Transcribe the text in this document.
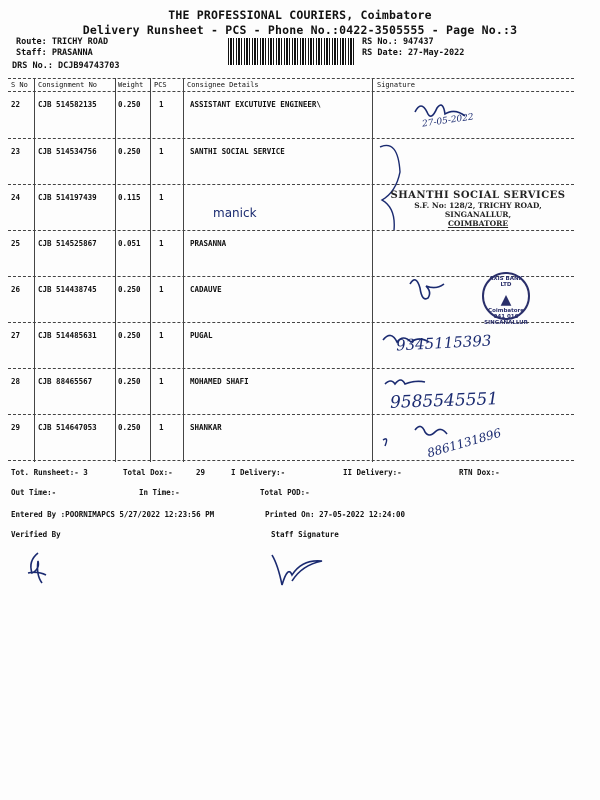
THE PROFESSIONAL COURIERS, Coimbatore
Delivery Runsheet - PCS - Phone No.:0422-3505555 - Page No.:3
Route: TRICHY ROAD
Staff: PRASANNA
DRS No.: DCJB94743703
RS No.: 947437
RS Date: 27-May-2022
S No Consignment No	Weight PCS	Consignee Details	Signature
22 CJB 514582135	0.250 1	ASSISTANT EXCUTUIVE ENGINEER\
23 CJB 514534756	0.250 1	SANTHI SOCIAL SERVICE
24 CJB 514197439	0.115 1
25 CJB 514525867	0.051 1	PRASANNA
26 CJB 514438745	0.250 1	CADAUVE
27 CJB 514485631	0.250 1	PUGAL
28 CJB 88465567	0.250 1	MOHAMED SHAFI
29 CJB 514647053	0.250 1	SHANKAR
27-05-2022
manick
9345115393
9585545551
8861131896
SHANTHI SOCIAL SERVICES
S.F. No: 128/2, TRICHY ROAD,
SINGANALLUR,
COIMBATORE
AXIS BANK LTD
▲
Coimbatore 041 016
SINGANALLUR
Tot. Runsheet:- 3	Total Dox:-	29	I Delivery:-	II Delivery:-	RTN Dox:-
Out Time:-	In Time:-	Total POD:-
Entered By :POORNIMAPCS 5/27/2022 12:23:56 PM	Printed On: 27-05-2022 12:24:00
Verified By	Staff Signature
